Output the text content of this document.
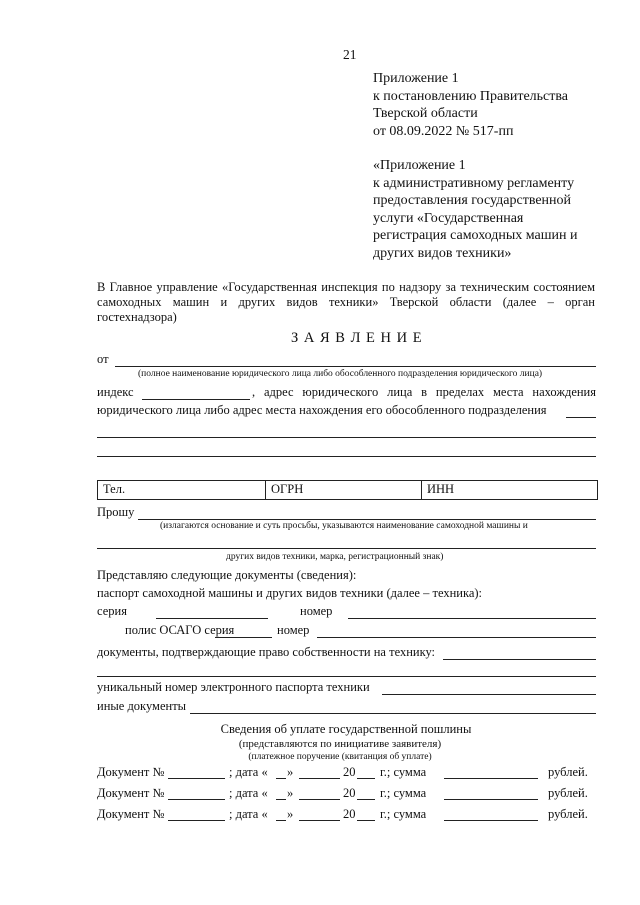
21
Приложение 1
к постановлению Правительства
Тверской области
от 08.09.2022 № 517-пп
«Приложение 1
к административному регламенту
предоставления государственной
услуги «Государственная
регистрация самоходных машин и
других видов техники»
В Главное управление «Государственная инспекция по надзору за техническим состоянием самоходных машин и других видов техники» Тверской области (далее – орган гостехнадзора)
З А Я В Л Е Н И Е
от
(полное наименование юридического лица либо обособленного подразделения юридического лица)
индекс	, адрес юридического лица в пределах места нахождения
юридического лица либо адрес места нахождения его обособленного подразделения
Тел.	ОГРН	ИНН
Прошу
(излагаются основание и суть просьбы, указываются наименование самоходной машины и
других видов техники, марка, регистрационный знак)
Представляю следующие документы (сведения):
паспорт самоходной машины и других видов техники (далее – техника):
серия	номер
полис ОСАГО серия	номер
документы, подтверждающие право собственности на технику:
уникальный номер электронного паспорта техники
иные документы
Сведения об уплате государственной пошлины
(представляются по инициативе заявителя)
(платежное поручение (квитанция об уплате)
Документ №	; дата « »	20 г.; сумма	рублей.
Документ №	; дата « »	20 г.; сумма	рублей.
Документ №	; дата « »	20 г.; сумма	рублей.
